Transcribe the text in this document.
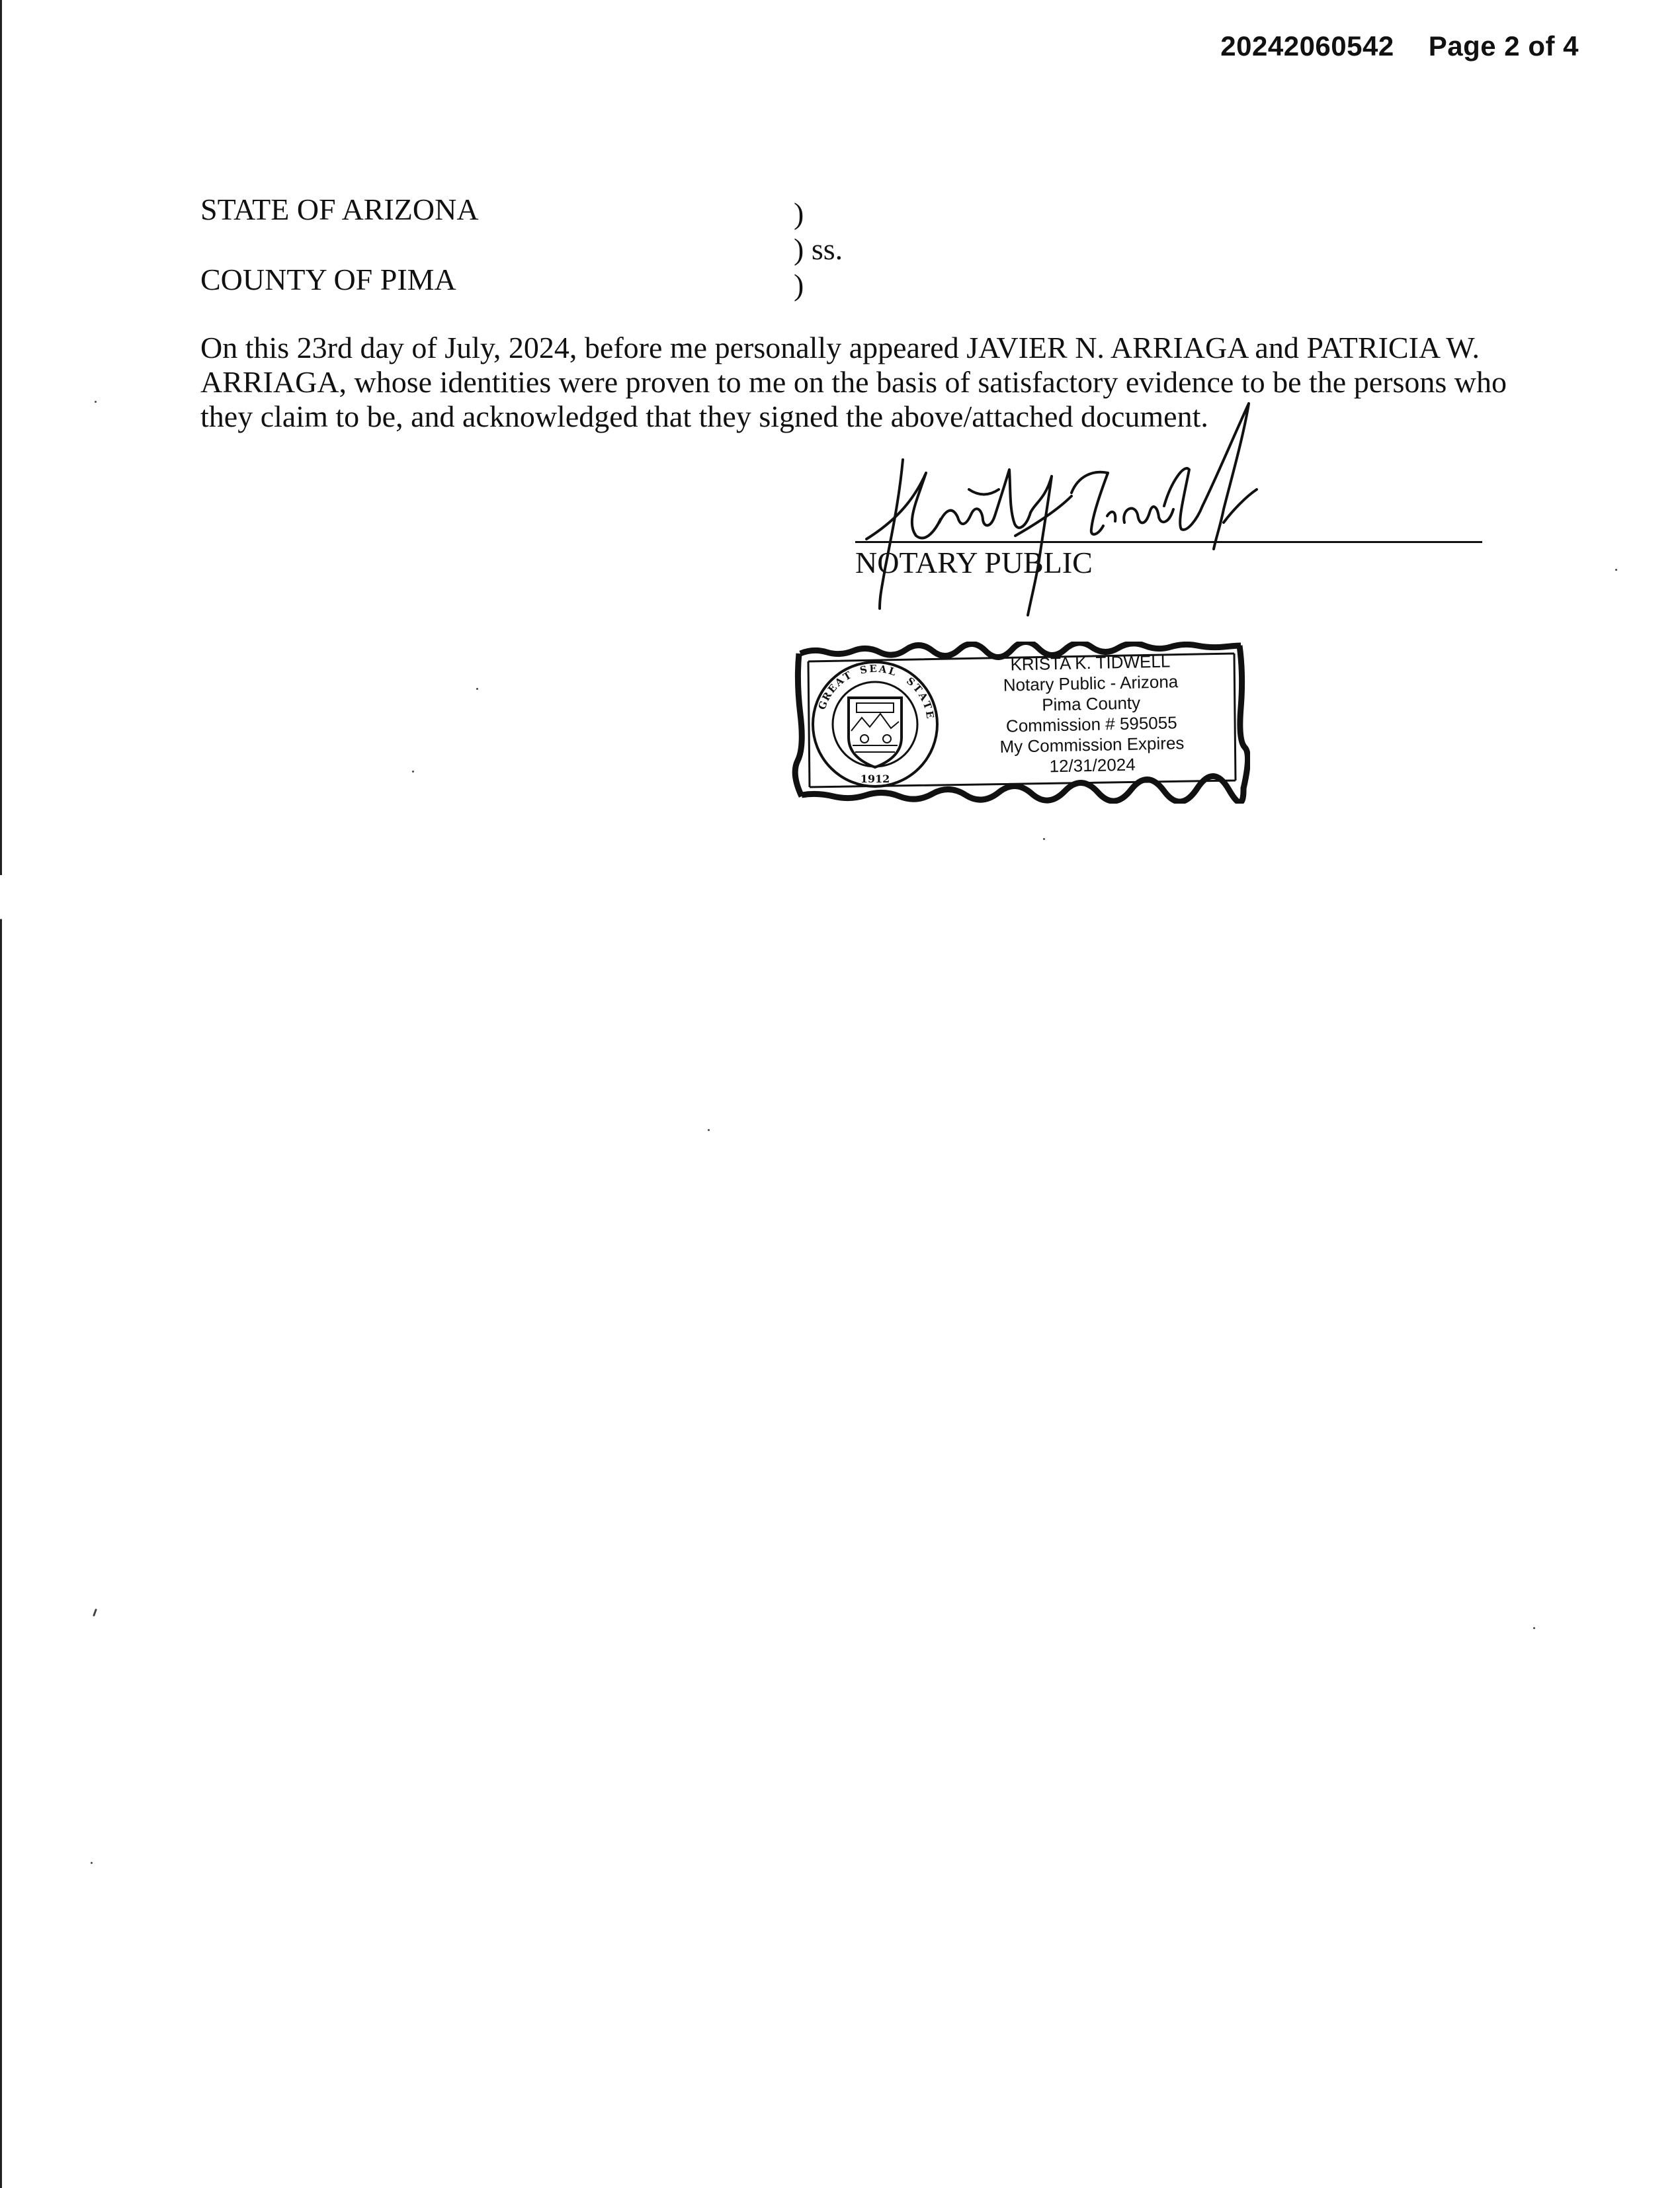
20242060542 Page 2 of 4
STATE OF ARIZONA
COUNTY OF PIMA
)
) ss.
)
On this 23rd day of July, 2024, before me personally appeared JAVIER N. ARRIAGA and PATRICIA W.
ARRIAGA, whose identities were proven to me on the basis of satisfactory evidence to be the persons who
they claim to be, and acknowledged that they signed the above/attached document.
NOTARY PUBLIC
G
R
E
A
T S E A L
S
T
A
T
E
1912
KRISTA K. TIDWELL
Notary Public - Arizona
Pima County
Commission # 595055
My Commission Expires
12/31/2024
